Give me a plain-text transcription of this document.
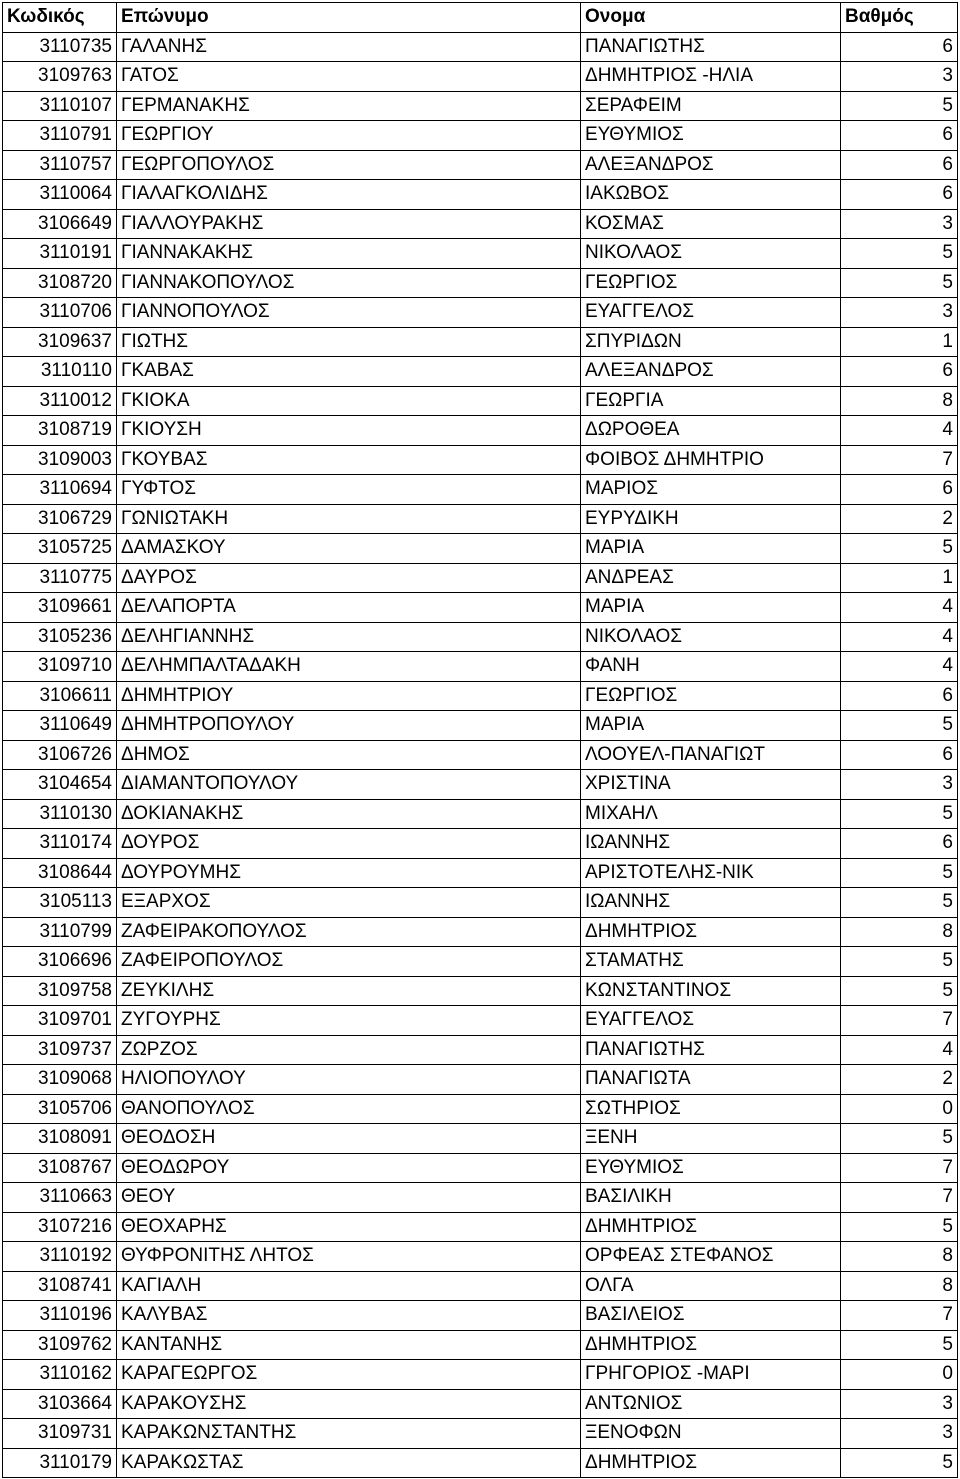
Κωδικός	Επώνυμο	Ονομα	Βαθμός
3110735	ΓΑΛΑΝΗΣ	ΠΑΝΑΓΙΩΤΗΣ	6
3109763	ΓΑΤΟΣ	ΔΗΜΗΤΡΙΟΣ -ΗΛΙΑ	3
3110107	ΓΕΡΜΑΝΑΚΗΣ	ΣΕΡΑΦΕΙΜ	5
3110791	ΓΕΩΡΓΙΟΥ	ΕΥΘΥΜΙΟΣ	6
3110757	ΓΕΩΡΓΟΠΟΥΛΟΣ	ΑΛΕΞΑΝΔΡΟΣ	6
3110064	ΓΙΑΛΑΓΚΟΛΙΔΗΣ	ΙΑΚΩΒΟΣ	6
3106649	ΓΙΑΛΛΟΥΡΑΚΗΣ	ΚΟΣΜΑΣ	3
3110191	ΓΙΑΝΝΑΚΑΚΗΣ	ΝΙΚΟΛΑΟΣ	5
3108720	ΓΙΑΝΝΑΚΟΠΟΥΛΟΣ	ΓΕΩΡΓΙΟΣ	5
3110706	ΓΙΑΝΝΟΠΟΥΛΟΣ	ΕΥΑΓΓΕΛΟΣ	3
3109637	ΓΙΩΤΗΣ	ΣΠΥΡΙΔΩΝ	1
3110110	ΓΚΑΒΑΣ	ΑΛΕΞΑΝΔΡΟΣ	6
3110012	ΓΚΙΟΚΑ	ΓΕΩΡΓΙΑ	8
3108719	ΓΚΙΟΥΣΗ	ΔΩΡΟΘΕΑ	4
3109003	ΓΚΟΥΒΑΣ	ΦΟΙΒΟΣ ΔΗΜΗΤΡΙΟ	7
3110694	ΓΥΦΤΟΣ	ΜΑΡΙΟΣ	6
3106729	ΓΩΝΙΩΤΑΚΗ	ΕΥΡΥΔΙΚΗ	2
3105725	ΔΑΜΑΣΚΟΥ	ΜΑΡΙΑ	5
3110775	ΔΑΥΡΟΣ	ΑΝΔΡΕΑΣ	1
3109661	ΔΕΛΑΠΟΡΤΑ	ΜΑΡΙΑ	4
3105236	ΔΕΛΗΓΙΑΝΝΗΣ	ΝΙΚΟΛΑΟΣ	4
3109710	ΔΕΛΗΜΠΑΛΤΑΔΑΚΗ	ΦΑΝΗ	4
3106611	ΔΗΜΗΤΡΙΟΥ	ΓΕΩΡΓΙΟΣ	6
3110649	ΔΗΜΗΤΡΟΠΟΥΛΟΥ	ΜΑΡΙΑ	5
3106726	ΔΗΜΟΣ	ΛΟΟΥΕΛ-ΠΑΝΑΓΙΩΤ	6
3104654	ΔΙΑΜΑΝΤΟΠΟΥΛΟΥ	ΧΡΙΣΤΙΝΑ	3
3110130	ΔΟΚΙΑΝΑΚΗΣ	ΜΙΧΑΗΛ	5
3110174	ΔΟΥΡΟΣ	ΙΩΑΝΝΗΣ	6
3108644	ΔΟΥΡΟΥΜΗΣ	ΑΡΙΣΤΟΤΕΛΗΣ-ΝΙΚ	5
3105113	ΕΞΑΡΧΟΣ	ΙΩΑΝΝΗΣ	5
3110799	ΖΑΦΕΙΡΑΚΟΠΟΥΛΟΣ	ΔΗΜΗΤΡΙΟΣ	8
3106696	ΖΑΦΕΙΡΟΠΟΥΛΟΣ	ΣΤΑΜΑΤΗΣ	5
3109758	ΖΕΥΚΙΛΗΣ	ΚΩΝΣΤΑΝΤΙΝΟΣ	5
3109701	ΖΥΓΟΥΡΗΣ	ΕΥΑΓΓΕΛΟΣ	7
3109737	ΖΩΡΖΟΣ	ΠΑΝΑΓΙΩΤΗΣ	4
3109068	ΗΛΙΟΠΟΥΛΟΥ	ΠΑΝΑΓΙΩΤΑ	2
3105706	ΘΑΝΟΠΟΥΛΟΣ	ΣΩΤΗΡΙΟΣ	0
3108091	ΘΕΟΔΟΣΗ	ΞΕΝΗ	5
3108767	ΘΕΟΔΩΡΟΥ	ΕΥΘΥΜΙΟΣ	7
3110663	ΘΕΟΥ	ΒΑΣΙΛΙΚΗ	7
3107216	ΘΕΟΧΑΡΗΣ	ΔΗΜΗΤΡΙΟΣ	5
3110192	ΘΥΦΡΟΝΙΤΗΣ ΛΗΤΟΣ	ΟΡΦΕΑΣ ΣΤΕΦΑΝΟΣ	8
3108741	ΚΑΓΙΑΛΗ	ΟΛΓΑ	8
3110196	ΚΑΛΥΒΑΣ	ΒΑΣΙΛΕΙΟΣ	7
3109762	ΚΑΝΤΑΝΗΣ	ΔΗΜΗΤΡΙΟΣ	5
3110162	ΚΑΡΑΓΕΩΡΓΟΣ	ΓΡΗΓΟΡΙΟΣ -ΜΑΡΙ	0
3103664	ΚΑΡΑΚΟΥΣΗΣ	ΑΝΤΩΝΙΟΣ	3
3109731	ΚΑΡΑΚΩΝΣΤΑΝΤΗΣ	ΞΕΝΟΦΩΝ	3
3110179	ΚΑΡΑΚΩΣΤΑΣ	ΔΗΜΗΤΡΙΟΣ	5
